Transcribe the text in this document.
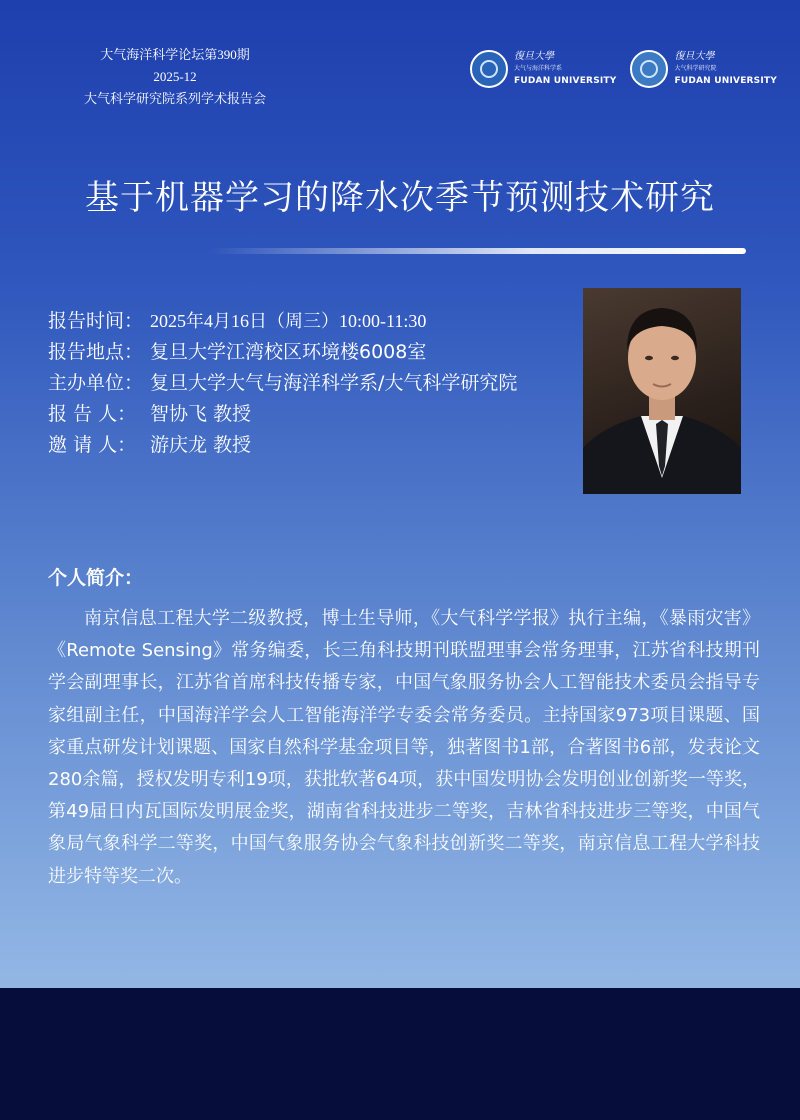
大气海洋科学论坛第390期
2025-12
大气科学研究院系列学术报告会
復旦大學
大气与海洋科学系
FUDAN UNIVERSITY
復旦大學
大气科学研究院
FUDAN UNIVERSITY
基于机器学习的降水次季节预测技术研究
报告时间： 2025年4月16日（周三）10:00-11:30
报告地点： 复旦大学江湾校区环境楼6008室
主办单位： 复旦大学大气与海洋科学系/大气科学研究院
报 告 人： 智协飞 教授
邀 请 人： 游庆龙 教授
个人简介：

南京信息工程大学二级教授，博士生导师，《大气科学学报》执行主编，《暴雨灾害》《Remote Sensing》常务编委，长三角科技期刊联盟理事会常务理事，江苏省科技期刊学会副理事长，江苏省首席科技传播专家，中国气象服务协会人工智能技术委员会指导专家组副主任，中国海洋学会人工智能海洋学专委会常务委员。主持国家973项目课题、国家重点研发计划课题、国家自然科学基金项目等，独著图书1部，合著图书6部，发表论文280余篇，授权发明专利19项，获批软著64项，获中国发明协会发明创业创新奖一等奖，第49届日内瓦国际发明展金奖，湖南省科技进步二等奖，吉林省科技进步三等奖，中国气象局气象科学二等奖，中国气象服务协会气象科技创新奖二等奖，南京信息工程大学科技进步特等奖二次。
